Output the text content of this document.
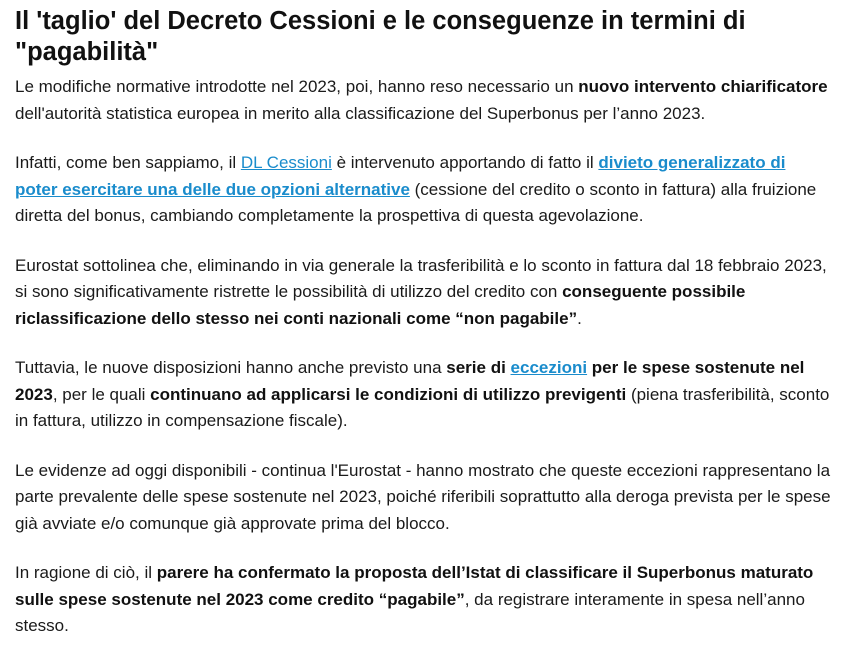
Il 'taglio' del Decreto Cessioni e le conseguenze in termini di "pagabilità"

Le modifiche normative introdotte nel 2023, poi, hanno reso necessario un nuovo intervento chiarificatore dell'autorità statistica europea in merito alla classificazione del Superbonus per l’anno 2023.

Infatti, come ben sappiamo, il DL Cessioni è intervenuto apportando di fatto il divieto generalizzato di poter esercitare una delle due opzioni alternative (cessione del credito o sconto in fattura) alla fruizione diretta del bonus, cambiando completamente la prospettiva di questa agevolazione.

Eurostat sottolinea che, eliminando in via generale la trasferibilità e lo sconto in fattura dal 18 febbraio 2023, si sono significativamente ristrette le possibilità di utilizzo del credito con conseguente possibile riclassificazione dello stesso nei conti nazionali come “non pagabile”.

Tuttavia, le nuove disposizioni hanno anche previsto una serie di eccezioni per le spese sostenute nel 2023, per le quali continuano ad applicarsi le condizioni di utilizzo previgenti (piena trasferibilità, sconto in fattura, utilizzo in compensazione fiscale).

Le evidenze ad oggi disponibili - continua l'Eurostat - hanno mostrato che queste eccezioni rappresentano la parte prevalente delle spese sostenute nel 2023, poiché riferibili soprattutto alla deroga prevista per le spese già avviate e/o comunque già approvate prima del blocco.

In ragione di ciò, il parere ha confermato la proposta dell’Istat di classificare il Superbonus maturato sulle spese sostenute nel 2023 come credito “pagabile”, da registrare interamente in spesa nell’anno stesso.
